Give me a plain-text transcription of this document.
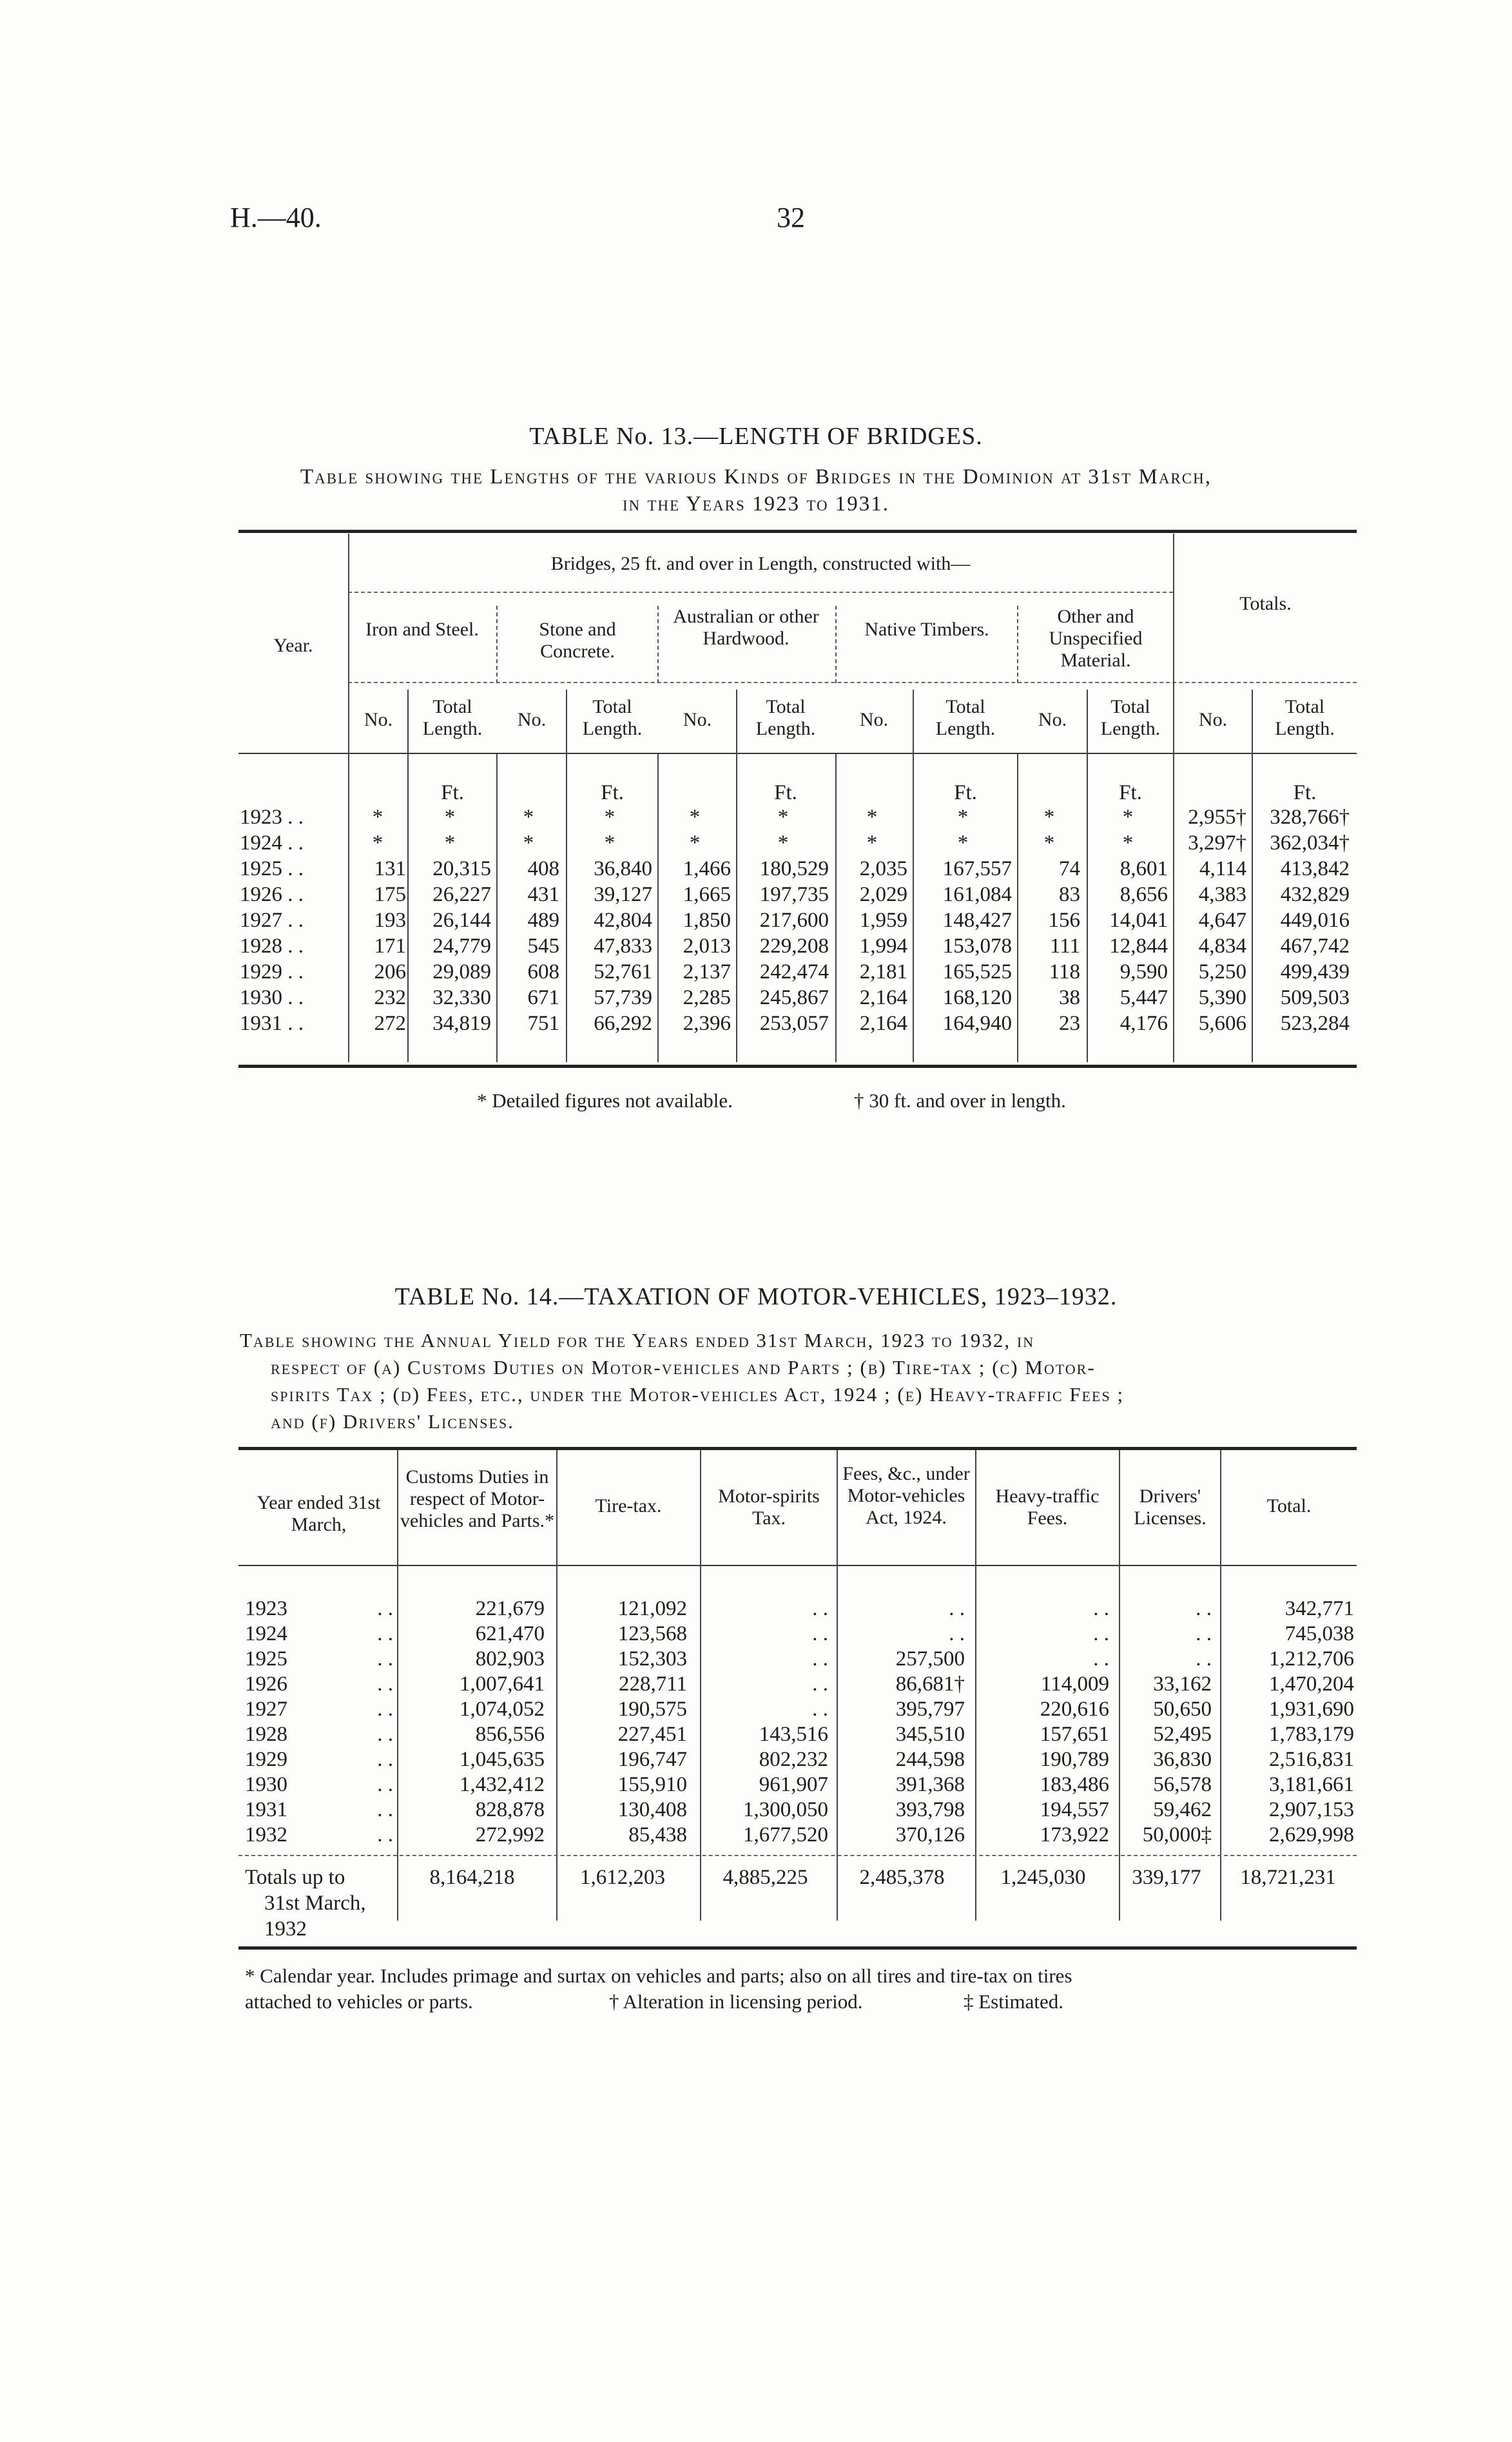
H.—40.	32
TABLE No. 13.—LENGTH OF BRIDGES.
Table showing the Lengths of the various Kinds of Bridges in the Dominion at 31st March,
in the Years 1923 to 1931.
Bridges, 25 ft. and over in Length, constructed with—
Year.
Totals.
Iron and Steel.	Stone and Concrete.
Australian or other Hardwood.	Native Timbers.
Other and Unspecified Material.
No.
Total Length.	No.
Total Length.	No.
Total Length.	No.
Total Length.	No.
Total Length.	No.
Total Length.
Ft.	Ft.	Ft.	Ft.	Ft.	Ft.
1923 . .	*	*	*	*	*	*	*	*	*	*	2,955†	328,766†
1924 . .	*	*	*	*	*	*	*	*	*	*	3,297†	362,034†
1925 . .	131	20,315	408	36,840	1,466	180,529	2,035	167,557	74	8,601	4,114	413,842
1926 . .	175	26,227	431	39,127	1,665	197,735	2,029	161,084	83	8,656	4,383	432,829
1927 . .	193	26,144	489	42,804	1,850	217,600	1,959	148,427	156	14,041	4,647	449,016
1928 . .	171	24,779	545	47,833	2,013	229,208	1,994	153,078	111	12,844	4,834	467,742
1929 . .	206	29,089	608	52,761	2,137	242,474	2,181	165,525	118	9,590	5,250	499,439
1930 . .	232	32,330	671	57,739	2,285	245,867	2,164	168,120	38	5,447	5,390	509,503
1931 . .	272	34,819	751	66,292	2,396	253,057	2,164	164,940	23	4,176	5,606	523,284
* Detailed figures not available.	† 30 ft. and over in length.
TABLE No. 14.—TAXATION OF MOTOR-VEHICLES, 1923–1932.
Table showing the Annual Yield for the Years ended 31st March, 1923 to 1932, in
respect of (a) Customs Duties on Motor-vehicles and Parts ; (b) Tire-tax ; (c) Motor-
spirits Tax ; (d) Fees, etc., under the Motor-vehicles Act, 1924 ; (e) Heavy-traffic Fees ;
and (f) Drivers' Licenses.
Year ended 31st March,
Customs Duties in respect of Motor-vehicles and Parts.*
Tire-tax.	Motor-spirits Tax.
Fees, &c., under Motor-vehicles Act, 1924.
Heavy-traffic Fees.
Drivers' Licenses.
Total.
1923	. .	221,679	121,092	. .	. .	. .	. .	342,771
1924	. .	621,470	123,568	. .	. .	. .	. .	745,038
1925	. .	802,903	152,303	. .	257,500	. .	. .	1,212,706
1926	. .	1,007,641	228,711	. .	86,681†	114,009	33,162	1,470,204
1927	. .	1,074,052	190,575	. .	395,797	220,616	50,650	1,931,690
1928	. .	856,556	227,451	143,516	345,510	157,651	52,495	1,783,179
1929	. .	1,045,635	196,747	802,232	244,598	190,789	36,830	2,516,831
1930	. .	1,432,412	155,910	961,907	391,368	183,486	56,578	3,181,661
1931	. .	828,878	130,408	1,300,050	393,798	194,557	59,462	2,907,153
1932	. .	272,992	85,438	1,677,520	370,126	173,922	50,000‡	2,629,998
Totals up to
31st March,
1932
8,164,218	1,612,203	4,885,225	2,485,378	1,245,030	339,177	18,721,231
* Calendar year. Includes primage and surtax on vehicles and parts; also on all tires and tire-tax on tires
attached to vehicles or parts.	† Alteration in licensing period.	‡ Estimated.
